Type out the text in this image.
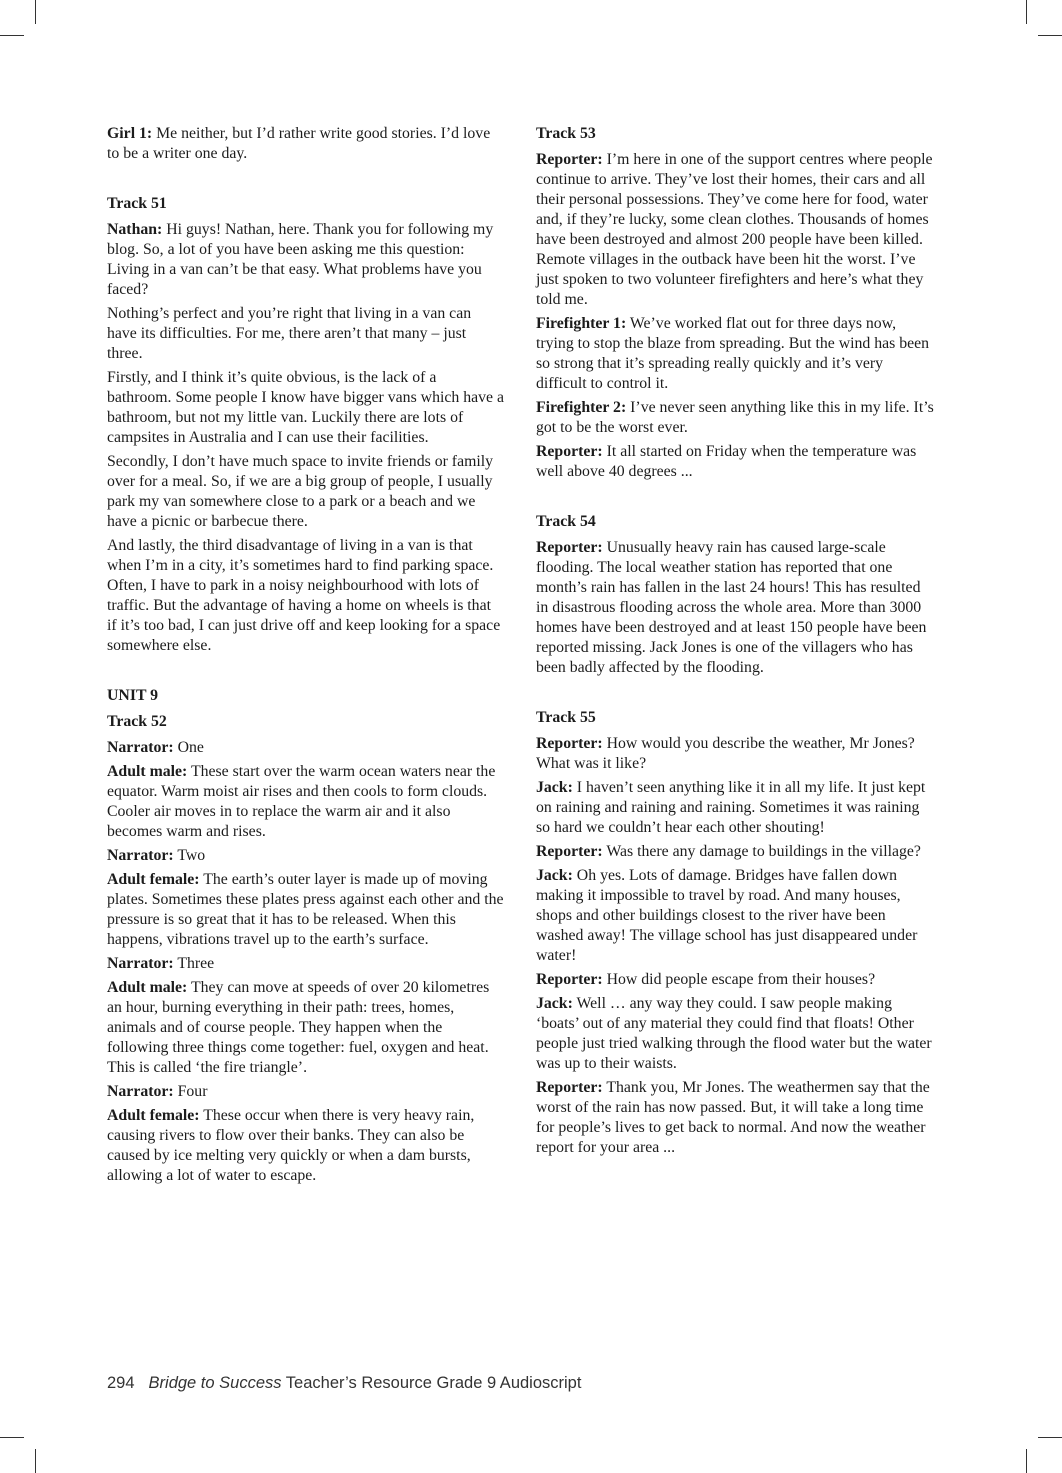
Girl 1: Me neither, but I’d rather write good stories. I’d love to be a writer one day.

Track 51

Nathan: Hi guys! Nathan, here. Thank you for following my blog. So, a lot of you have been asking me this question: Living in a van can’t be that easy. What problems have you faced?

Nothing’s perfect and you’re right that living in a van can have its difficulties. For me, there aren’t that many – just three.

Firstly, and I think it’s quite obvious, is the lack of a bathroom. Some people I know have bigger vans which have a bathroom, but not my little van. Luckily there are lots of campsites in Australia and I can use their facilities.

Secondly, I don’t have much space to invite friends or family over for a meal. So, if we are a big group of people, I usually park my van somewhere close to a park or a beach and we have a picnic or barbecue there.

And lastly, the third disadvantage of living in a van is that when I’m in a city, it’s sometimes hard to find parking space. Often, I have to park in a noisy neighbourhood with lots of traffic. But the advantage of having a home on wheels is that if it’s too bad, I can just drive off and keep looking for a space somewhere else.

UNIT 9
Track 52

Narrator: One

Adult male: These start over the warm ocean waters near the equator. Warm moist air rises and then cools to form clouds. Cooler air moves in to replace the warm air and it also becomes warm and rises.

Narrator: Two

Adult female: The earth’s outer layer is made up of moving plates. Sometimes these plates press against each other and the pressure is so great that it has to be released. When this happens, vibrations travel up to the earth’s surface.

Narrator: Three

Adult male: They can move at speeds of over 20 kilometres an hour, burning everything in their path: trees, homes, animals and of course people. They happen when the following three things come together: fuel, oxygen and heat. This is called ‘the fire triangle’.

Narrator: Four

Adult female: These occur when there is very heavy rain, causing rivers to flow over their banks. They can also be caused by ice melting very quickly or when a dam bursts, allowing a lot of water to escape.

Track 53

Reporter: I’m here in one of the support centres where people continue to arrive. They’ve lost their homes, their cars and all their personal possessions. They’ve come here for food, water and, if they’re lucky, some clean clothes. Thousands of homes have been destroyed and almost 200 people have been killed. Remote villages in the outback have been hit the worst. I’ve just spoken to two volunteer firefighters and here’s what they told me.

Firefighter 1: We’ve worked flat out for three days now, trying to stop the blaze from spreading. But the wind has been so strong that it’s spreading really quickly and it’s very difficult to control it.

Firefighter 2: I’ve never seen anything like this in my life. It’s got to be the worst ever.

Reporter: It all started on Friday when the temperature was well above 40 degrees ...

Track 54

Reporter: Unusually heavy rain has caused large-scale flooding. The local weather station has reported that one month’s rain has fallen in the last 24 hours! This has resulted in disastrous flooding across the whole area. More than 3000 homes have been destroyed and at least 150 people have been reported missing. Jack Jones is one of the villagers who has been badly affected by the flooding.

Track 55

Reporter: How would you describe the weather, Mr Jones? What was it like?

Jack: I haven’t seen anything like it in all my life. It just kept on raining and raining and raining. Sometimes it was raining so hard we couldn’t hear each other shouting!

Reporter: Was there any damage to buildings in the village?

Jack: Oh yes. Lots of damage. Bridges have fallen down making it impossible to travel by road. And many houses, shops and other buildings closest to the river have been washed away! The village school has just disappeared under water!

Reporter: How did people escape from their houses?

Jack: Well … any way they could. I saw people making ‘boats’ out of any material they could find that floats! Other people just tried walking through the flood water but the water was up to their waists.

Reporter: Thank you, Mr Jones. The weathermen say that the worst of the rain has now passed. But, it will take a long time for people’s lives to get back to normal. And now the weather report for your area ...

294 Bridge to Success Teacher’s Resource Grade 9 Audioscript
